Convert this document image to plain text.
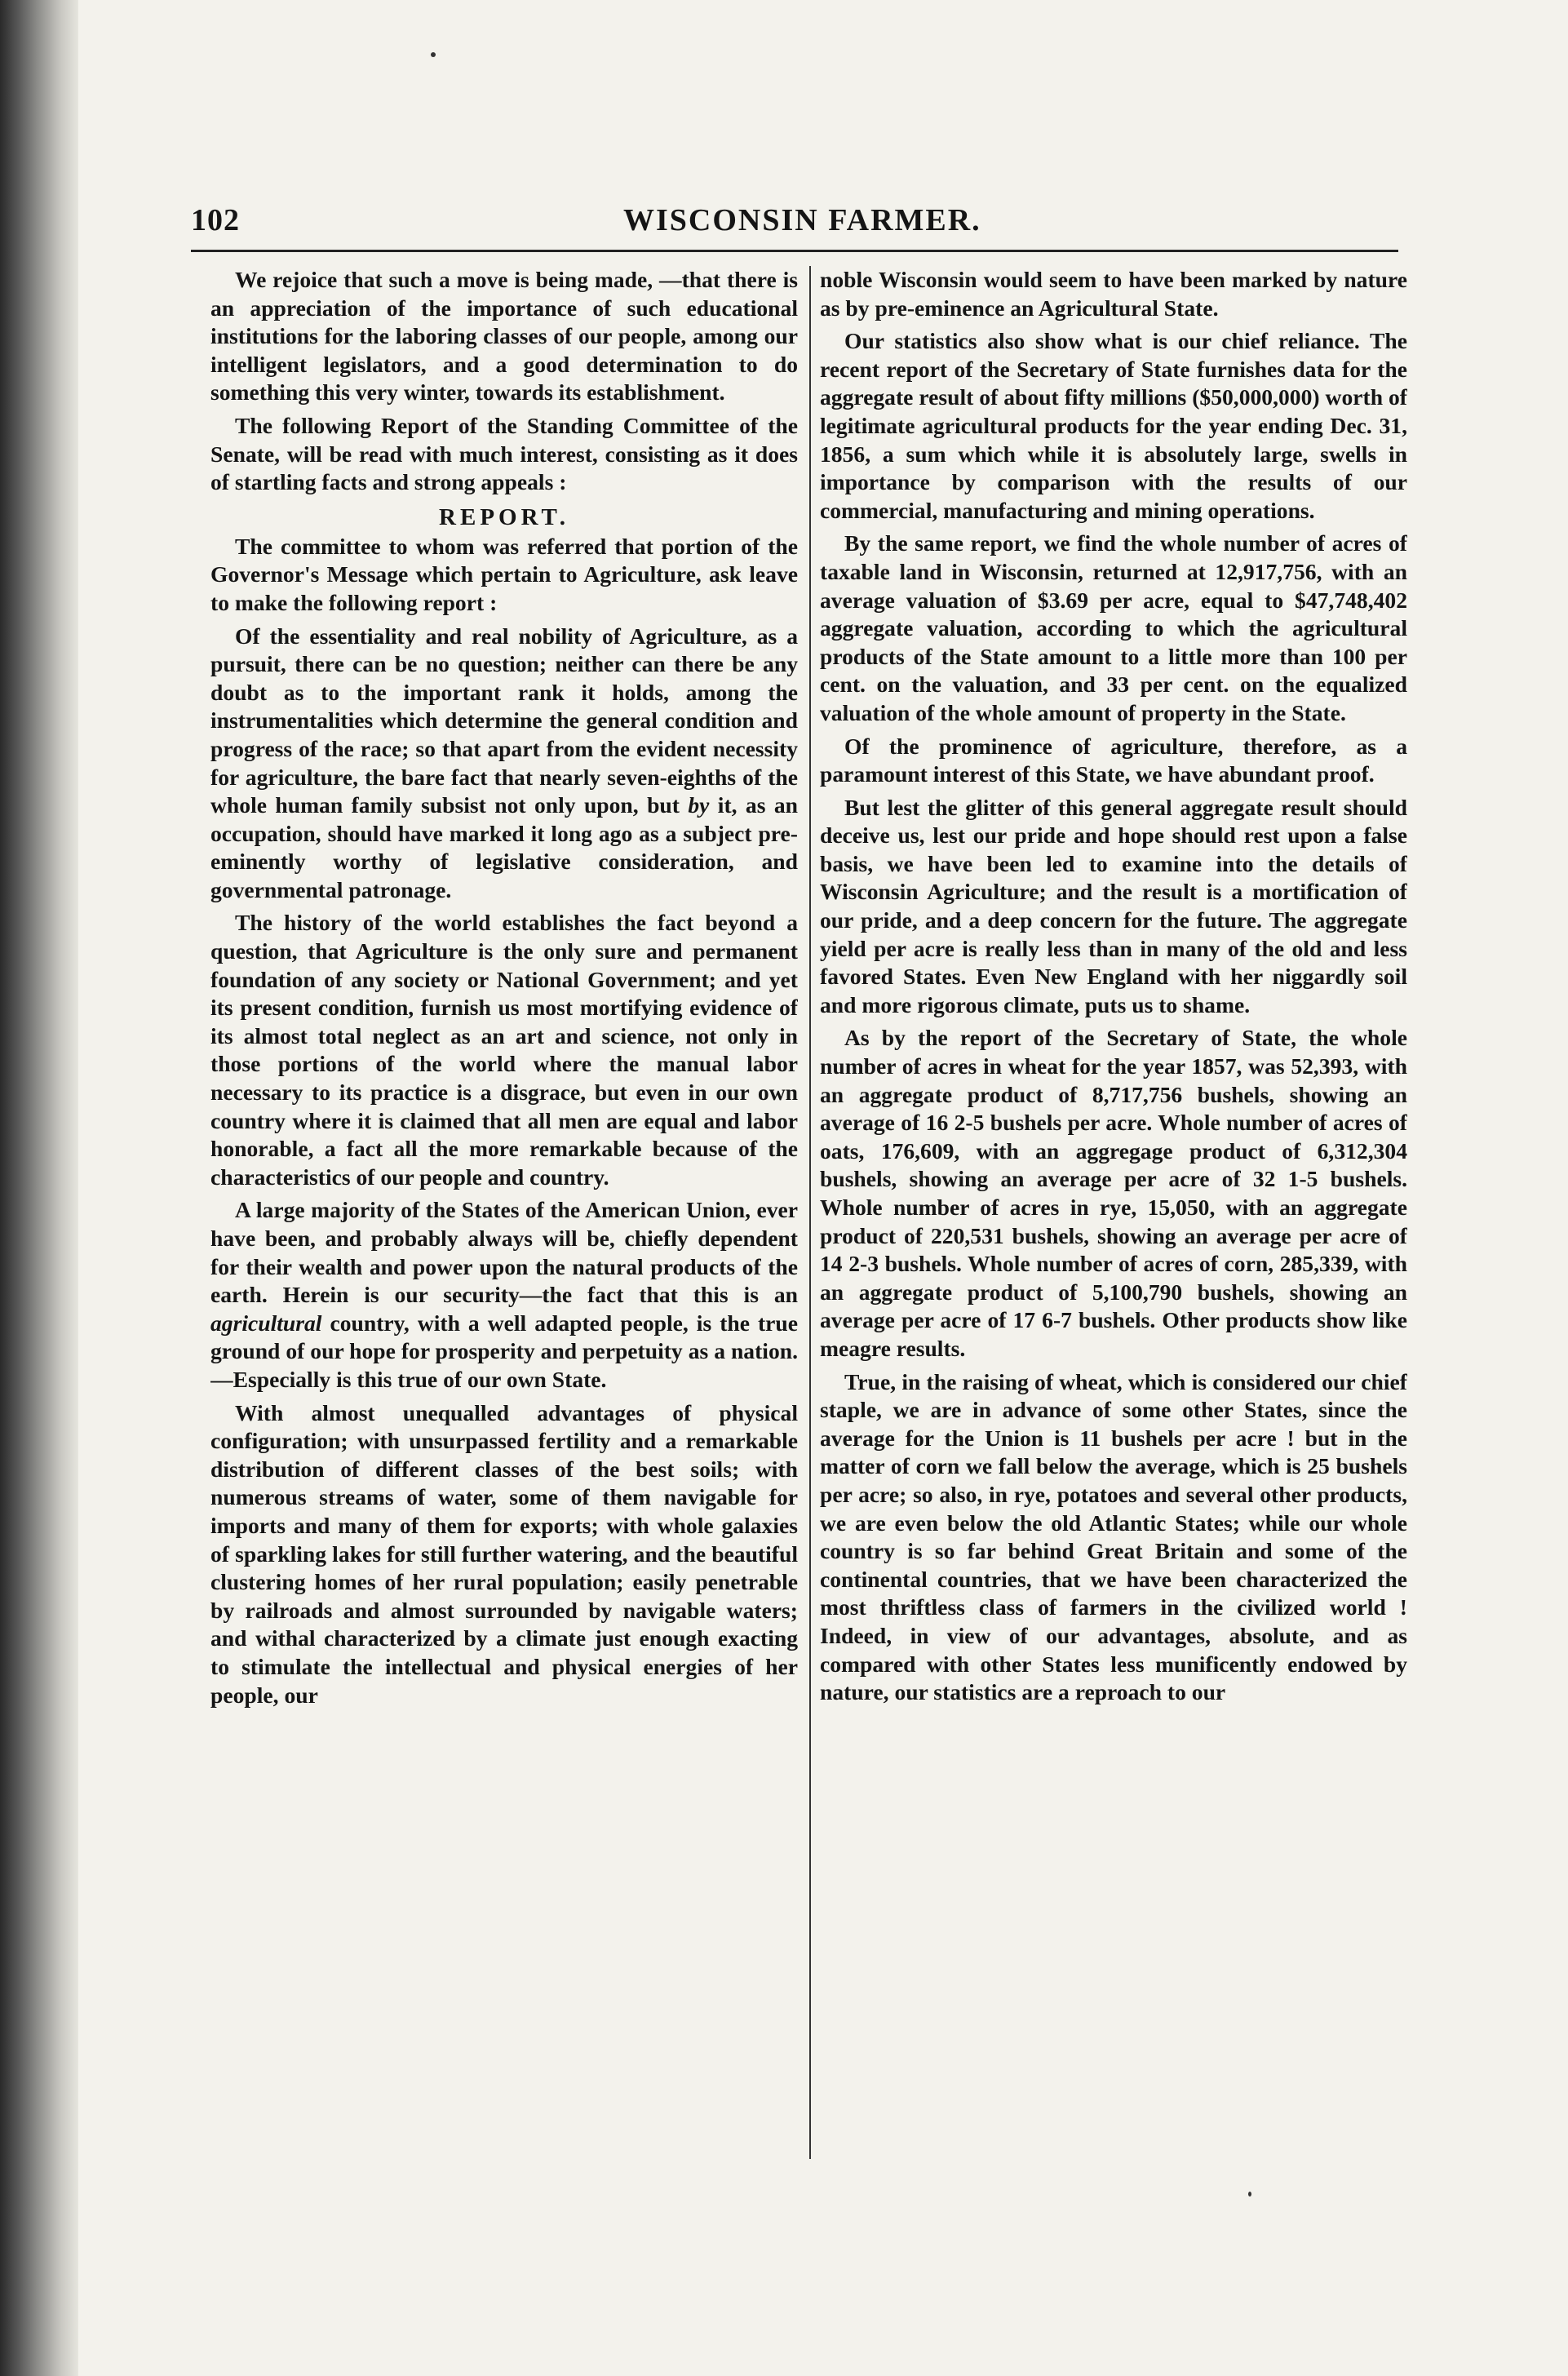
102	WISCONSIN FARMER.

We rejoice that such a move is being made, —that there is an appreciation of the importance of such educational institutions for the laboring classes of our people, among our intelligent legislators, and a good determination to do something this very winter, towards its establishment.

The following Report of the Standing Committee of the Senate, will be read with much interest, consisting as it does of startling facts and strong appeals :

REPORT.

The committee to whom was referred that portion of the Governor's Message which pertain to Agriculture, ask leave to make the following report :

Of the essentiality and real nobility of Agriculture, as a pursuit, there can be no question; neither can there be any doubt as to the important rank it holds, among the instrumentalities which determine the general condition and progress of the race; so that apart from the evident necessity for agriculture, the bare fact that nearly seven-eighths of the whole human family subsist not only upon, but by it, as an occupation, should have marked it long ago as a subject pre-eminently worthy of legislative consideration, and governmental patronage.

The history of the world establishes the fact beyond a question, that Agriculture is the only sure and permanent foundation of any society or National Government; and yet its present condition, furnish us most mortifying evidence of its almost total neglect as an art and science, not only in those portions of the world where the manual labor necessary to its practice is a disgrace, but even in our own country where it is claimed that all men are equal and labor honorable, a fact all the more remarkable because of the characteristics of our people and country.

A large majority of the States of the American Union, ever have been, and probably always will be, chiefly dependent for their wealth and power upon the natural products of the earth. Herein is our security—the fact that this is an agricultural country, with a well adapted people, is the true ground of our hope for prosperity and perpetuity as a nation.—Especially is this true of our own State.

With almost unequalled advantages of physical configuration; with unsurpassed fertility and a remarkable distribution of different classes of the best soils; with numerous streams of water, some of them navigable for imports and many of them for exports; with whole galaxies of sparkling lakes for still further watering, and the beautiful clustering homes of her rural population; easily penetrable by railroads and almost surrounded by navigable waters; and withal characterized by a climate just enough exacting to stimulate the intellectual and physical energies of her people, our

noble Wisconsin would seem to have been marked by nature as by pre-eminence an Agricultural State.

Our statistics also show what is our chief reliance. The recent report of the Secretary of State furnishes data for the aggregate result of about fifty millions ($50,000,000) worth of legitimate agricultural products for the year ending Dec. 31, 1856, a sum which while it is absolutely large, swells in importance by comparison with the results of our commercial, manufacturing and mining operations.

By the same report, we find the whole number of acres of taxable land in Wisconsin, returned at 12,917,756, with an average valuation of $3.69 per acre, equal to $47,748,402 aggregate valuation, according to which the agricultural products of the State amount to a little more than 100 per cent. on the valuation, and 33 per cent. on the equalized valuation of the whole amount of property in the State.

Of the prominence of agriculture, therefore, as a paramount interest of this State, we have abundant proof.

But lest the glitter of this general aggregate result should deceive us, lest our pride and hope should rest upon a false basis, we have been led to examine into the details of Wisconsin Agriculture; and the result is a mortification of our pride, and a deep concern for the future. The aggregate yield per acre is really less than in many of the old and less favored States. Even New England with her niggardly soil and more rigorous climate, puts us to shame.

As by the report of the Secretary of State, the whole number of acres in wheat for the year 1857, was 52,393, with an aggregate product of 8,717,756 bushels, showing an average of 16 2-5 bushels per acre. Whole number of acres of oats, 176,609, with an aggregage product of 6,312,304 bushels, showing an average per acre of 32 1-5 bushels. Whole number of acres in rye, 15,050, with an aggregate product of 220,531 bushels, showing an average per acre of 14 2-3 bushels. Whole number of acres of corn, 285,339, with an aggregate product of 5,100,790 bushels, showing an average per acre of 17 6-7 bushels. Other products show like meagre results.

True, in the raising of wheat, which is considered our chief staple, we are in advance of some other States, since the average for the Union is 11 bushels per acre ! but in the matter of corn we fall below the average, which is 25 bushels per acre; so also, in rye, potatoes and several other products, we are even below the old Atlantic States; while our whole country is so far behind Great Britain and some of the continental countries, that we have been characterized the most thriftless class of farmers in the civilized world ! Indeed, in view of our advantages, absolute, and as compared with other States less munificently endowed by nature, our statistics are a reproach to our
